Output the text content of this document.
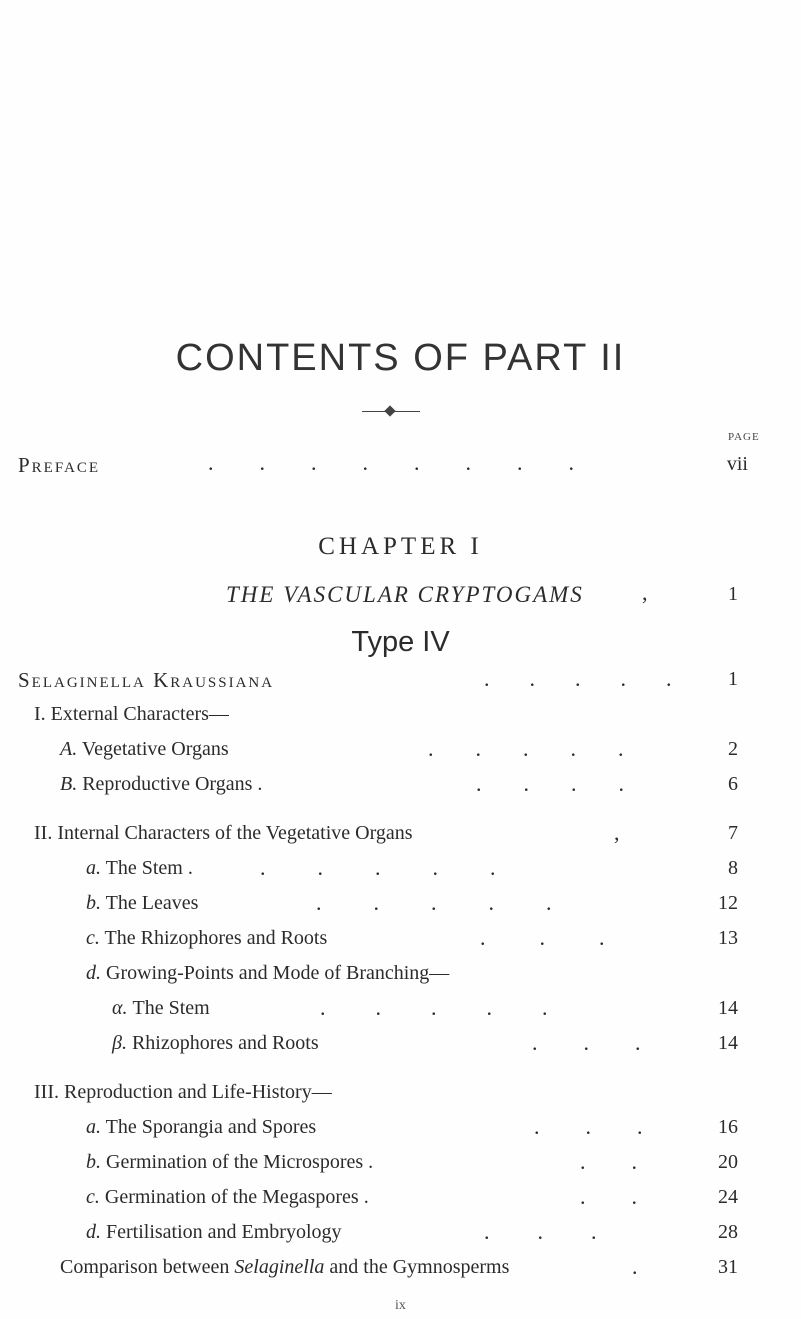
CONTENTS OF PART II
PAGE
Preface	........	vii
CHAPTER I
THE VASCULAR CRYPTOGAMS	,	1
Type IV
Selaginella Kraussiana	..... 1
I. External Characters—
A. Vegetative Organs	.....	2
B. Reproductive Organs .	....	6
II. Internal Characters of the Vegetative Organs	,	7
a. The Stem .	.....	8
b. The Leaves	.....	12
c. The Rhizophores and Roots	...	13
d. Growing-Points and Mode of Branching—
α. The Stem	.....	14
β. Rhizophores and Roots	...	14
III. Reproduction and Life-History—
a. The Sporangia and Spores	...	16
b. Germination of the Microspores .	..	20
c. Germination of the Megaspores .	..	24
d. Fertilisation and Embryology	...	28
Comparison between Selaginella and the Gymnosperms	.	31
ix
